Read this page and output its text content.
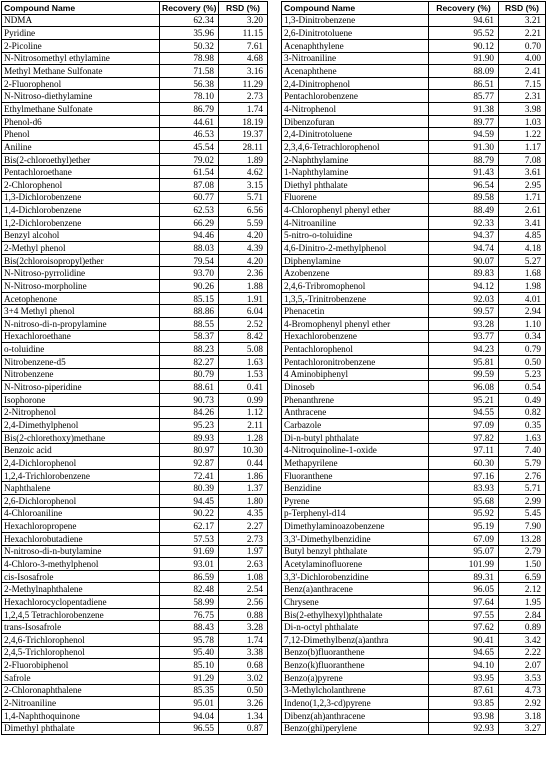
Compound Name	Recovery (%)	RSD (%)
NDMA	62.34	3.20
Pyridine	35.96	11.15
2-Picoline	50.32	7.61
N-Nitrosomethyl ethylamine	78.98	4.68
Methyl Methane Sulfonate	71.58	3.16
2-Fluorophenol	56.38	11.29
N-Nitroso-diethylamine	78.10	2.73
Ethylmethane Sulfonate	86.79	1.74
Phenol-d6	44.61	18.19
Phenol	46.53	19.37
Aniline	45.54	28.11
Bis(2-chloroethyl)ether	79.02	1.89
Pentachloroethane	61.54	4.62
2-Chlorophenol	87.08	3.15
1,3-Dichlorobenzene	60.77	5.71
1,4-Dichlorobenzene	62.53	6.56
1,2-Dichlorobenzene	66.29	5.59
Benzyl alcohol	94.46	4.20
2-Methyl phenol	88.03	4.39
Bis(2chloroisopropyl)ether	79.54	4.20
N-Nitroso-pyrrolidine	93.70	2.36
N-Nitroso-morpholine	90.26	1.88
Acetophenone	85.15	1.91
3+4 Methyl phenol	88.86	6.04
N-nitroso-di-n-propylamine	88.55	2.52
Hexachloroethane	58.37	8.42
o-toluidine	88.23	5.08
Nitrobenzene-d5	82.27	1.63
Nitrobenzene	80.79	1.53
N-Nitroso-piperidine	88.61	0.41
Isophorone	90.73	0.99
2-Nitrophenol	84.26	1.12
2,4-Dimethylphenol	95.23	2.11
Bis(2-chlorethoxy)methane	89.93	1.28
Benzoic acid	80.97	10.30
2,4-Dichlorophenol	92.87	0.44
1,2,4-Trichlorobenzene	72.41	1.86
Naphthalene	80.39	1.37
2,6-Dichlorophenol	94.45	1.80
4-Chloroaniline	90.22	4.35
Hexachloropropene	62.17	2.27
Hexachlorobutadiene	57.53	2.73
N-nitroso-di-n-butylamine	91.69	1.97
4-Chloro-3-methylphenol	93.01	2.63
cis-Isosafrole	86.59	1.08
2-Methylnaphthalene	82.48	2.54
Hexachlorocyclopentadiene	58.99	2.56
1,2,4,5 Tetrachlorobenzene	76.75	0.88
trans-Isosafrole	88.43	3.28
2,4,6-Trichlorophenol	95.78	1.74
2,4,5-Trichlorophenol	95.40	3.38
2-Fluorobiphenol	85.10	0.68
Safrole	91.29	3.02
2-Chloronaphthalene	85.35	0.50
2-Nitroaniline	95.01	3.26
1,4-Naphthoquinone	94.04	1.34
Dimethyl phthalate	96.55	0.87
Compound Name	Recovery (%)	RSD (%)
1,3-Dinitrobenzene	94.61	3.21
2,6-Dinitrotoluene	95.52	2.21
Acenaphthylene	90.12	0.70
3-Nitroaniline	91.90	4.00
Acenaphthene	88.09	2.41
2,4-Dinitrophenol	86.51	7.15
Pentachlorobenzene	85.77	2.31
4-Nitrophenol	91.38	3.98
Dibenzofuran	89.77	1.03
2,4-Dinitrotoluene	94.59	1.22
2,3,4,6-Tetrachlorophenol	91.30	1.17
2-Naphthylamine	88.79	7.08
1-Naphthylamine	91.43	3.61
Diethyl phthalate	96.54	2.95
Fluorene	89.58	1.71
4-Chlorophenyl phenyl ether	88.49	2.61
4-Nitroaniline	92.33	3.41
5-nitro-o-toluidine	94.37	4.85
4,6-Dinitro-2-methylphenol	94.74	4.18
Diphenylamine	90.07	5.27
Azobenzene	89.83	1.68
2,4,6-Tribromophenol	94.12	1.98
1,3,5,-Trinitrobenzene	92.03	4.01
Phenacetin	99.57	2.94
4-Bromophenyl phenyl ether	93.28	1.10
Hexachlorobenzene	93.77	0.34
Pentachlorophenol	94.23	0.79
Pentachloronitrobenzene	95.81	0.50
4 Aminobiphenyl	99.59	5.23
Dinoseb	96.08	0.54
Phenanthrene	95.21	0.49
Anthracene	94.55	0.82
Carbazole	97.09	0.35
Di-n-butyl phthalate	97.82	1.63
4-Nitroquinoline-1-oxide	97.11	7.40
Methapyrilene	60.30	5.79
Fluoranthene	97.16	2.76
Benzidine	83.93	5.71
Pyrene	95.68	2.99
p-Terphenyl-d14	95.92	5.45
Dimethylaminoazobenzene	95.19	7.90
3,3'-Dimethylbenzidine	67.09	13.28
Butyl benzyl phthalate	95.07	2.79
Acetylaminofluorene	101.99	1.50
3,3'-Dichlorobenzidine	89.31	6.59
Benz(a)anthracene	96.05	2.12
Chrysene	97.64	1.95
Bis(2-ethylhexyl)phthalate	97.55	2.84
Di-n-octyl phthalate	97.62	0.89
7,12-Dimethylbenz(a)anthra	90.41	3.42
Benzo(b)fluoranthene	94.65	2.22
Benzo(k)fluoranthene	94.10	2.07
Benzo(a)pyrene	93.95	3.53
3-Methylcholanthrene	87.61	4.73
Indeno(1,2,3-cd)pyrene	93.85	2.92
Dibenz(ah)anthracene	93.98	3.18
Benzo(ghi)perylene	92.93	3.27
